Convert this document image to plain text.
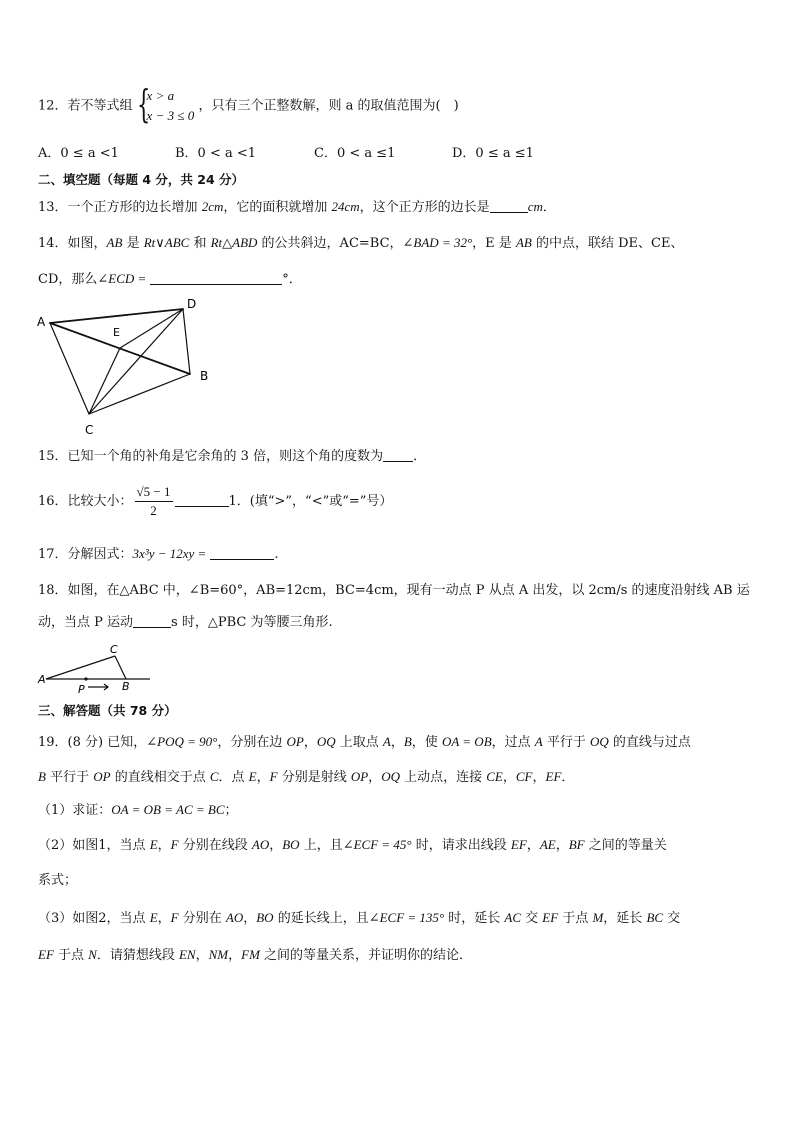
12．若不等式组 {
x > a
x − 3 ≤ 0
，只有三个正整数解，则 a 的取值范围为(　)
A．0 ≤ a <1	B．0 < a <1	C．0 < a ≤1	D．0 ≤ a ≤1
二、填空题（每题 4 分，共 24 分）
13．一个正方形的边长增加 2cm，它的面积就增加 24cm，这个正方形的边长是	cm．
14．如图，AB 是 Rt∨ABC 和 Rt△ABD 的公共斜边，AC=BC，∠BAD = 32°，E 是 AB 的中点，联结 DE、CE、
CD，那么∠ECD =	°．
A
D
B
C
E
15．已知一个角的补角是它余角的 3 倍，则这个角的度数为 ．
16．比较大小： $\frac{√5 - 1}{2}$	1．(填“>”，“<”或“=”号）
17．分解因式：3x³y − 12xy =	.
18．如图，在△ABC 中，∠B=60°，AB=12cm，BC=4cm，现有一动点 P 从点 A 出发，以 2cm/s 的速度沿射线 AB 运
动，当点 P 运动	s 时，△PBC 为等腰三角形.
A
B
C
P
三、解答题（共 78 分）
19．(8 分) 已知，∠POQ = 90°，分别在边 OP，OQ 上取点 A，B，使 OA = OB，过点 A 平行于 OQ 的直线与过点
B 平行于 OP 的直线相交于点 C．点 E，F 分别是射线 OP，OQ 上动点，连接 CE，CF，EF．
（1）求证：OA = OB = AC = BC；
（2）如图1，当点 E，F 分别在线段 AO，BO 上，且∠ECF = 45° 时，请求出线段 EF，AE，BF 之间的等量关
系式；
（3）如图2，当点 E，F 分别在 AO，BO 的延长线上，且∠ECF = 135° 时，延长 AC 交 EF 于点 M，延长 BC 交
EF 于点 N．请猜想线段 EN，NM，FM 之间的等量关系，并证明你的结论．
